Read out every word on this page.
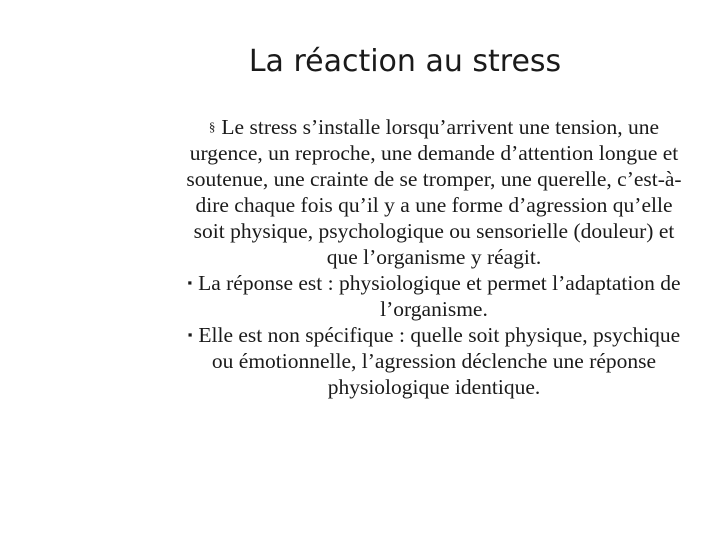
La réaction au stress

§ Le stress s’installe lorsqu’arrivent une tension, une urgence, un reproche, une demande d’attention longue et soutenue, une crainte de se tromper, une querelle, c’est-à-dire chaque fois qu’il y a une forme d’agression qu’elle soit physique, psychologique ou sensorielle (douleur) et que l’organisme y réagit.

▪ La réponse est : physiologique et permet l’adaptation de l’organisme.

▪ Elle est non spécifique : quelle soit physique, psychique ou émotionnelle, l’agression déclenche une réponse physiologique identique.
